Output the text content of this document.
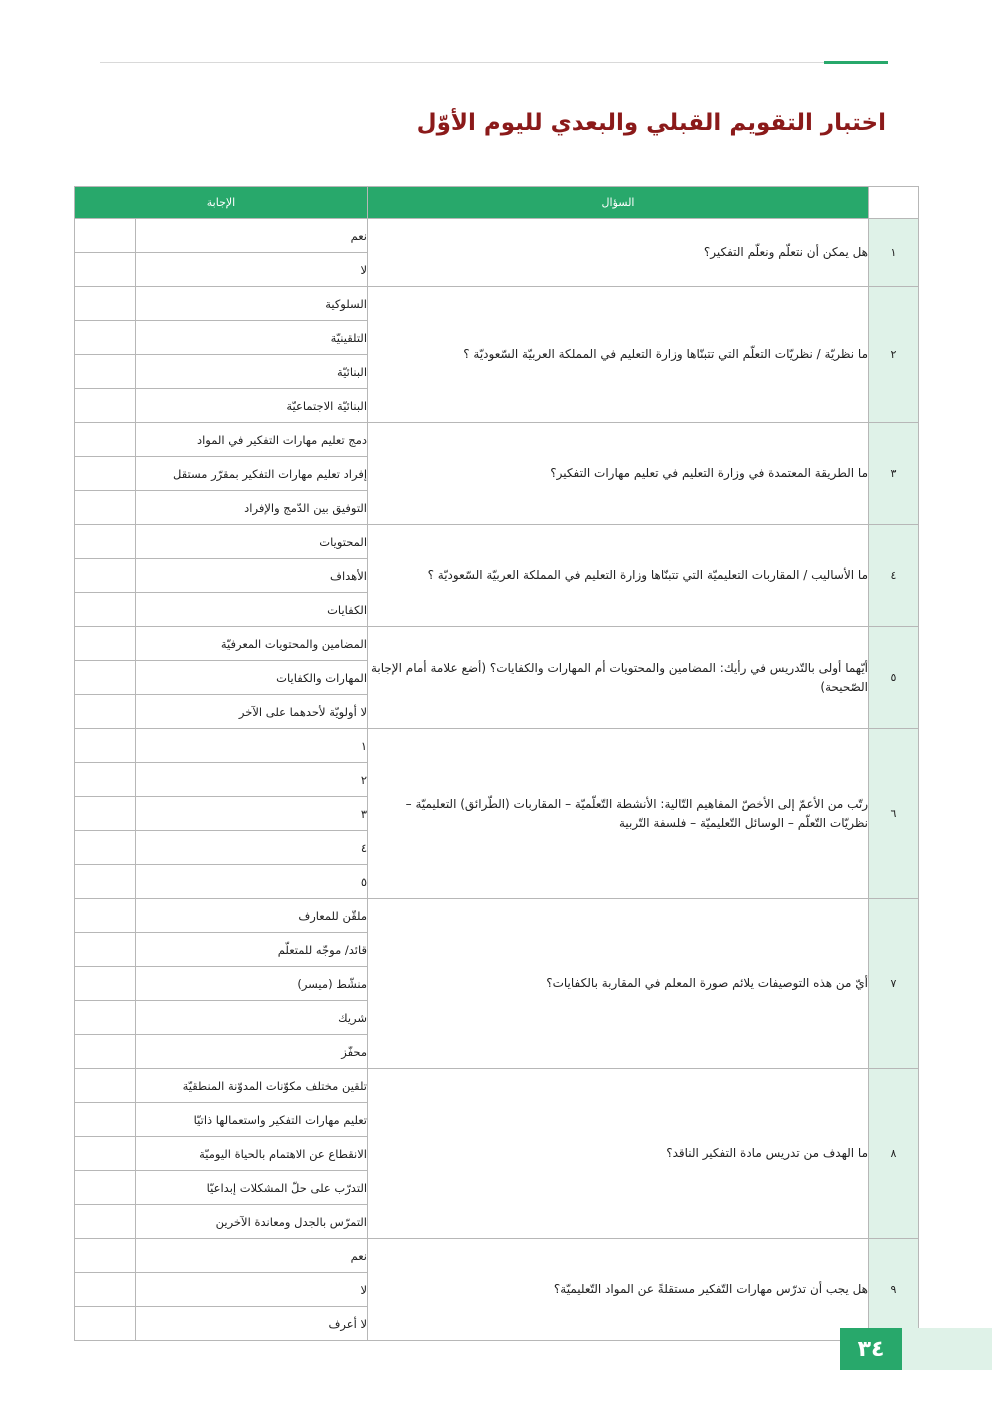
اختبار التقويم القبلي والبعدي لليوم الأوّل
	السؤال	الإجابة	
١	هل يمكن أن نتعلّم ونعلّم التفكير؟	نعم	
		لا	
٢	ما نظريّة / نظريّات التعلّم التي تتبنّاها وزارة التعليم في المملكة العربيّة السّعوديّة ؟	السلوكية	
		التلقينيّة	
		البنائيّة	
		البنائيّة الاجتماعيّة	
٣	ما الطريقة المعتمدة في وزارة التعليم في تعليم مهارات التفكير؟	دمج تعليم مهارات التفكير في المواد	
		إفراد تعليم مهارات التفكير بمقرّر مستقل	
		التوفيق بين الدّمج والإفراد	
٤	ما الأساليب / المقاربات التعليميّة التي تتبنّاها وزارة التعليم في المملكة العربيّة السّعوديّة ؟	المحتويات	
		الأهداف	
		الكفايات	
٥	أيّهما أولى بالتّدريس في رأيك: المضامين والمحتويات أم المهارات والكفايات؟ (أضع علامة أمام الإجابة الصّحيحة)	المضامين والمحتويات المعرفيّة	
		المهارات والكفايات	
		لا أولويّة لأحدهما على الآخر	
٦	رتّب من الأعمّ إلى الأخصّ المفاهيم التّالية: الأنشطة التّعلّميّة – المقاربات (الطّرائق) التعليميّة – نظريّات التّعلّم – الوسائل التّعليميّة – فلسفة التّربية	١	
		٢	
		٣	
		٤	
		٥	
٧	أيّ من هذه التوصيفات يلائم صورة المعلم في المقاربة بالكفايات؟	ملقّن للمعارف	
		قائد/ موجّه للمتعلّم	
		منشّط (ميسر)	
		شريك	
		محفّز	
٨	ما الهدف من تدريس مادة التفكير الناقد؟	تلقين مختلف مكوّنات المدوّنة المنطقيّة	
		تعليم مهارات التفكير واستعمالها ذاتيّا	
		الانقطاع عن الاهتمام بالحياة اليوميّة	
		التدرّب على حلّ المشكلات إبداعيّا	
		التمرّس بالجدل ومعاندة الآخرين	
٩	هل يجب أن تدرّس مهارات التّفكير مستقلةً عن المواد التّعليميّة؟	نعم	
		لا	
		لا أعرف	
٣٤
